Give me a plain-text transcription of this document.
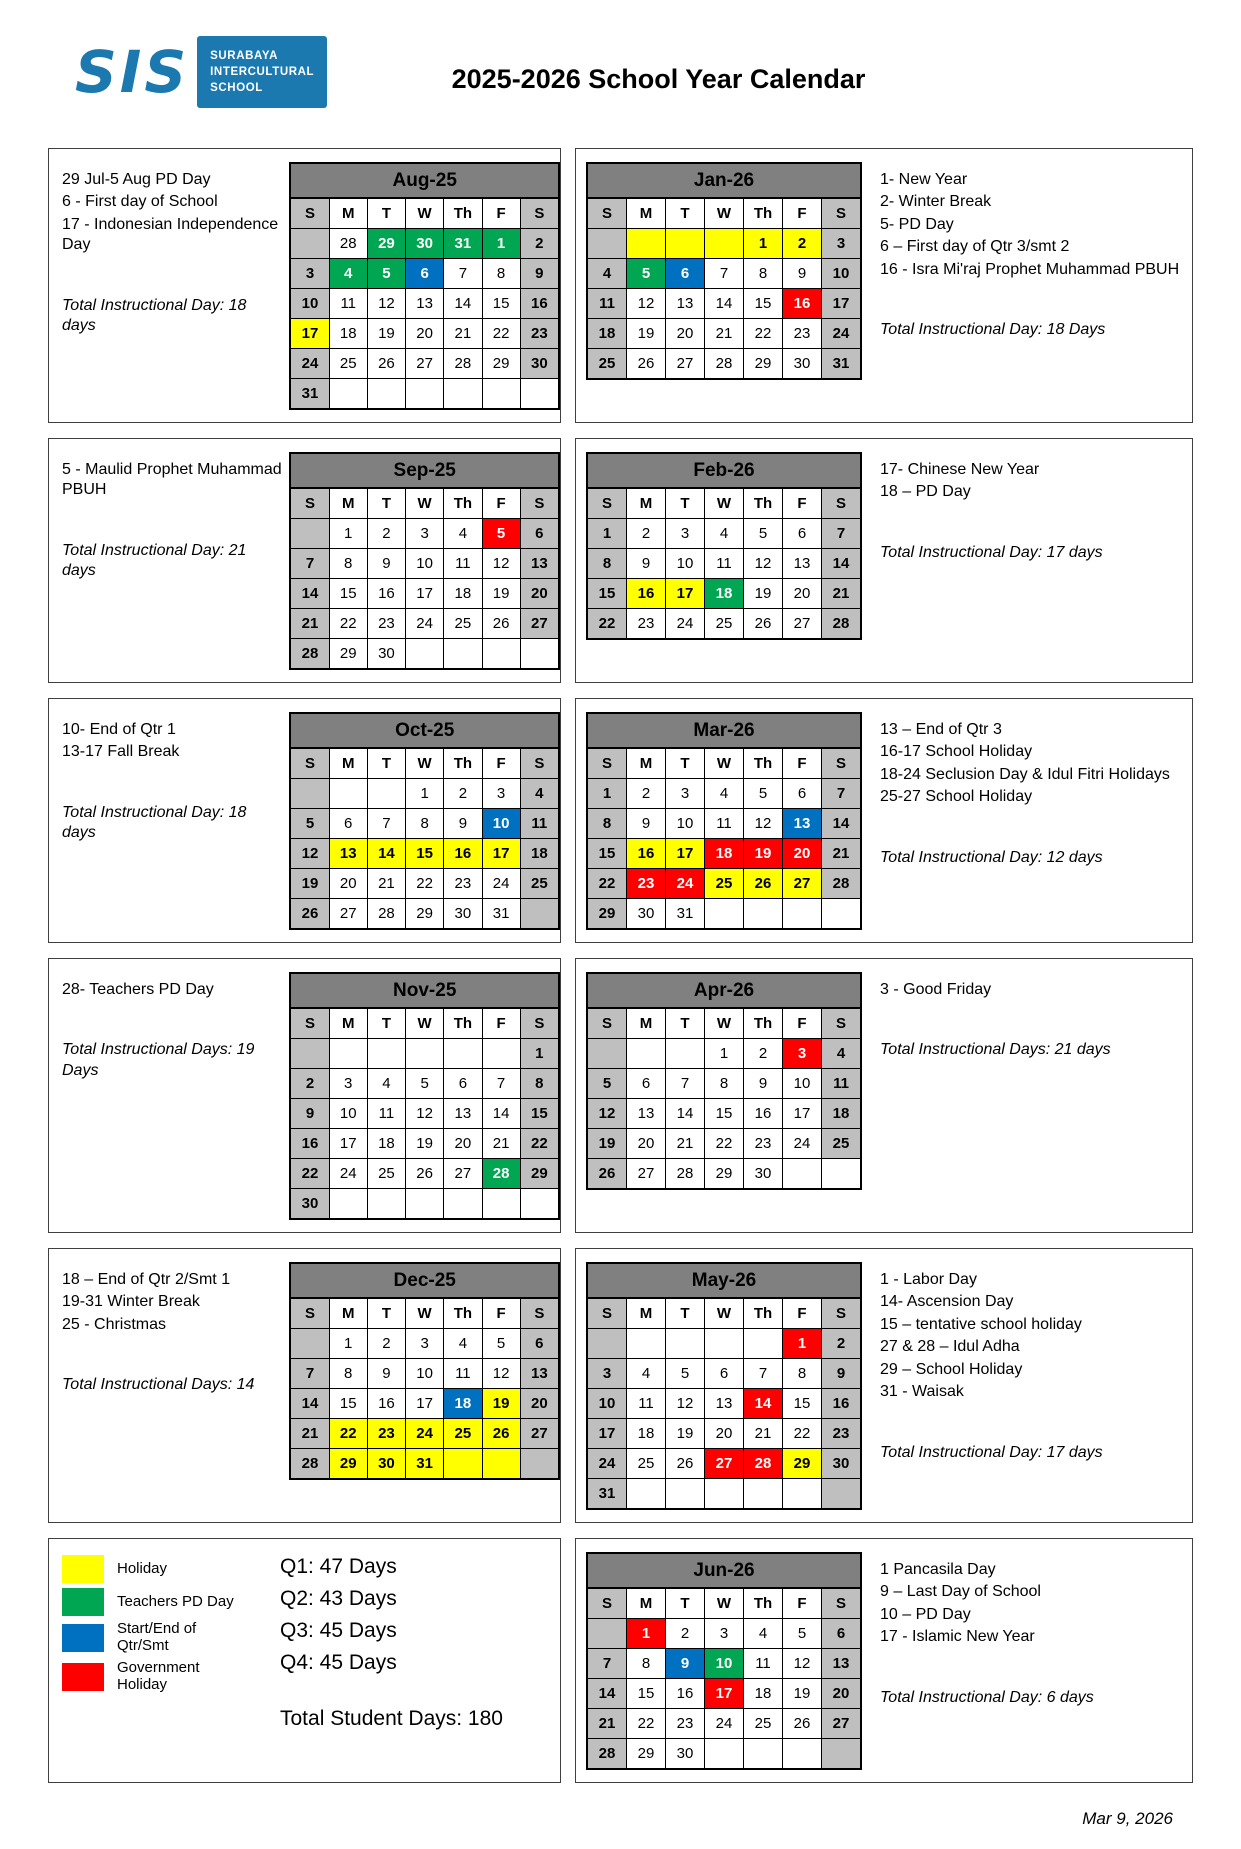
SIS SURABAYA
INTERCULTURAL
SCHOOL	2025-2026 School Year Calendar
29 Jul-5 Aug PD Day
6 - First day of School
17 - Indonesian Independence Day
Total Instructional Day: 18 days
Aug-25						
S	M	T	W	Th	F	S
	28	29	30	31	1	2
3	4	5	6	7	8	9
10	11	12	13	14	15	16
17	18	19	20	21	22	23
24	25	26	27	28	29	30
31						
Jan-26						
S	M	T	W	Th	F	S
				1	2	3
4	5	6	7	8	9	10
11	12	13	14	15	16	17
18	19	20	21	22	23	24
25	26	27	28	29	30	31
1- New Year
2- Winter Break
5- PD Day
6 – First day of Qtr 3/smt 2
16 - Isra Mi'raj Prophet Muhammad PBUH
Total Instructional Day: 18 Days
5 - Maulid Prophet Muhammad PBUH
Total Instructional Day: 21 days
Sep-25						
S	M	T	W	Th	F	S
	1	2	3	4	5	6
7	8	9	10	11	12	13
14	15	16	17	18	19	20
21	22	23	24	25	26	27
28	29	30				
Feb-26						
S	M	T	W	Th	F	S
1	2	3	4	5	6	7
8	9	10	11	12	13	14
15	16	17	18	19	20	21
22	23	24	25	26	27	28
17- Chinese New Year
18 – PD Day
Total Instructional Day: 17 days
10- End of Qtr 1
13-17 Fall Break
Total Instructional Day: 18 days
Oct-25						
S	M	T	W	Th	F	S
			1	2	3	4
5	6	7	8	9	10	11
12	13	14	15	16	17	18
19	20	21	22	23	24	25
26	27	28	29	30	31	
Mar-26						
S	M	T	W	Th	F	S
1	2	3	4	5	6	7
8	9	10	11	12	13	14
15	16	17	18	19	20	21
22	23	24	25	26	27	28
29	30	31				
13 – End of Qtr 3
16-17 School Holiday
18-24 Seclusion Day & Idul Fitri Holidays
25-27 School Holiday
Total Instructional Day: 12 days
28- Teachers PD Day
Total Instructional Days: 19 Days
Nov-25						
S	M	T	W	Th	F	S
						1
2	3	4	5	6	7	8
9	10	11	12	13	14	15
16	17	18	19	20	21	22
22	24	25	26	27	28	29
30						
Apr-26						
S	M	T	W	Th	F	S
			1	2	3	4
5	6	7	8	9	10	11
12	13	14	15	16	17	18
19	20	21	22	23	24	25
26	27	28	29	30		
3 - Good Friday
Total Instructional Days: 21 days
18 – End of Qtr 2/Smt 1
19-31 Winter Break
25 - Christmas
Total Instructional Days: 14
Dec-25						
S	M	T	W	Th	F	S
	1	2	3	4	5	6
7	8	9	10	11	12	13
14	15	16	17	18	19	20
21	22	23	24	25	26	27
28	29	30	31			
May-26						
S	M	T	W	Th	F	S
					1	2
3	4	5	6	7	8	9
10	11	12	13	14	15	16
17	18	19	20	21	22	23
24	25	26	27	28	29	30
31						
1 - Labor Day
14- Ascension Day
15 – tentative school holiday
27 & 28 – Idul Adha
29 – School Holiday
31 - Waisak
Total Instructional Day: 17 days
Holiday
Teachers PD Day
Start/End of Qtr/Smt
Government Holiday
Q1: 47 Days
Q2: 43 Days
Q3: 45 Days
Q4: 45 Days
Total Student Days: 180
Jun-26						
S	M	T	W	Th	F	S
	1	2	3	4	5	6
7	8	9	10	11	12	13
14	15	16	17	18	19	20
21	22	23	24	25	26	27
28	29	30				
1 Pancasila Day
9 – Last Day of School
10 – PD Day
17 - Islamic New Year
Total Instructional Day: 6 days
Mar 9, 2026
